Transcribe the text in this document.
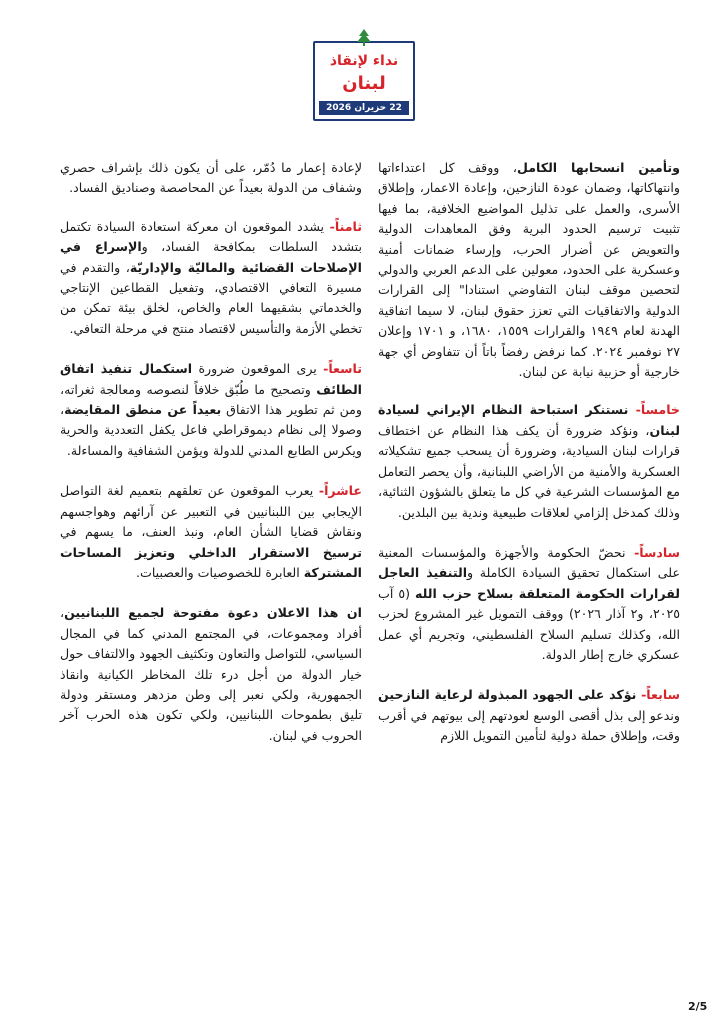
نداء لإنقاذ
لبنان
22 حزيران 2026

وتأمين انسحابها الكامل، ووقف كل اعتداءاتها وانتهاكاتها، وضمان عودة النازحين، وإعادة الاعمار، وإطلاق الأسرى، والعمل على تذليل المواضيع الخلافية، بما فيها تثبيت ترسيم الحدود البرية وفق المعاهدات الدولية والتعويض عن أضرار الحرب، وإرساء ضمانات أمنية وعسكرية على الحدود، معولين على الدعم العربي والدولي لتحصين موقف لبنان التفاوضي استنادا" إلى القرارات الدولية والاتفاقيات التي تعزز حقوق لبنان، لا سيما اتفاقية الهدنة لعام ١٩٤٩ والقرارات ١٥٥٩، ١٦٨٠، و ١٧٠١ وإعلان ٢٧ نوفمبر ٢٠٢٤. كما نرفض رفضاً باتاً أن تتفاوض أي جهة خارجية أو حزبية نيابة عن لبنان.

خامساً- نستنكر استباحة النظام الإيراني لسيادة لبنان، ونؤكد ضرورة أن يكف هذا النظام عن اختطاف قرارات لبنان السيادية، وضرورة أن يسحب جميع تشكيلاته العسكرية والأمنية من الأراضي اللبنانية، وأن يحصر التعامل مع المؤسسات الشرعية في كل ما يتعلق بالشؤون الثنائية، وذلك كمدخل إلزامي لعلاقات طبيعية وندية بين البلدين.

سادساً- نحضّ الحكومة والأجهزة والمؤسسات المعنية على استكمال تحقيق السيادة الكاملة والتنفيذ العاجل لقرارات الحكومة المتعلقة بسلاح حزب الله (٥ آب ٢٠٢٥، و٢ آذار ٢٠٢٦) ووقف التمويل غير المشروع لحزب الله، وكذلك تسليم السلاح الفلسطيني، وتجريم أي عمل عسكري خارج إطار الدولة.

سابعاً- نؤكد على الجهود المبذولة لرعاية النازحين وندعو إلى بذل أقصى الوسع لعودتهم إلى بيوتهم في أقرب وقت، وإطلاق حملة دولية لتأمين التمويل اللازم

لإعادة إعمار ما دُمّر، على أن يكون ذلك بإشراف حصري وشفاف من الدولة بعيداً عن المحاصصة وصناديق الفساد.

ثامناً- يشدد الموقعون ان معركة استعادة السيادة تكتمل بتشدد السلطات بمكافحة الفساد، والإسراع في الإصلاحات القضائية والماليّة والإداريّة، والتقدم في مسيرة التعافي الاقتصادي، وتفعيل القطاعين الإنتاجي والخدماتي بشقيهما العام والخاص، لخلق بيئة تمكن من تخطي الأزمة والتأسيس لاقتصاد منتج في مرحلة التعافي.

تاسعاً- يرى الموقعون ضرورة استكمال تنفيذ اتفاق الطائف وتصحيح ما طُبّق خلافاً لنصوصه ومعالجة ثغراته، ومن ثم تطوير هذا الاتفاق بعيداً عن منطق المقايضة، وصولا إلى نظام ديموقراطي فاعل يكفل التعددية والحرية ويكرس الطابع المدني للدولة ويؤمن الشفافية والمساءلة.

عاشراً- يعرب الموقعون عن تعلقهم بتعميم لغة التواصل الإيجابي بين اللبنانيين في التعبير عن آرائهم وهواجسهم ونقاش قضايا الشأن العام، ونبذ العنف، ما يسهم في ترسيخ الاستقرار الداخلي وتعزيز المساحات المشتركة العابرة للخصوصيات والعصبيات.

ان هذا الاعلان دعوة مفتوحة لجميع اللبنانيين، أفراد ومجموعات، في المجتمع المدني كما في المجال السياسي، للتواصل والتعاون وتكثيف الجهود والالتفاف حول خيار الدولة من أجل درء تلك المخاطر الكيانية وانقاذ الجمهورية، ولكي نعبر إلى وطن مزدهر ومستقر ودولة تليق بطموحات اللبنانيين، ولكي تكون هذه الحرب آخر الحروب في لبنان.

2/5
